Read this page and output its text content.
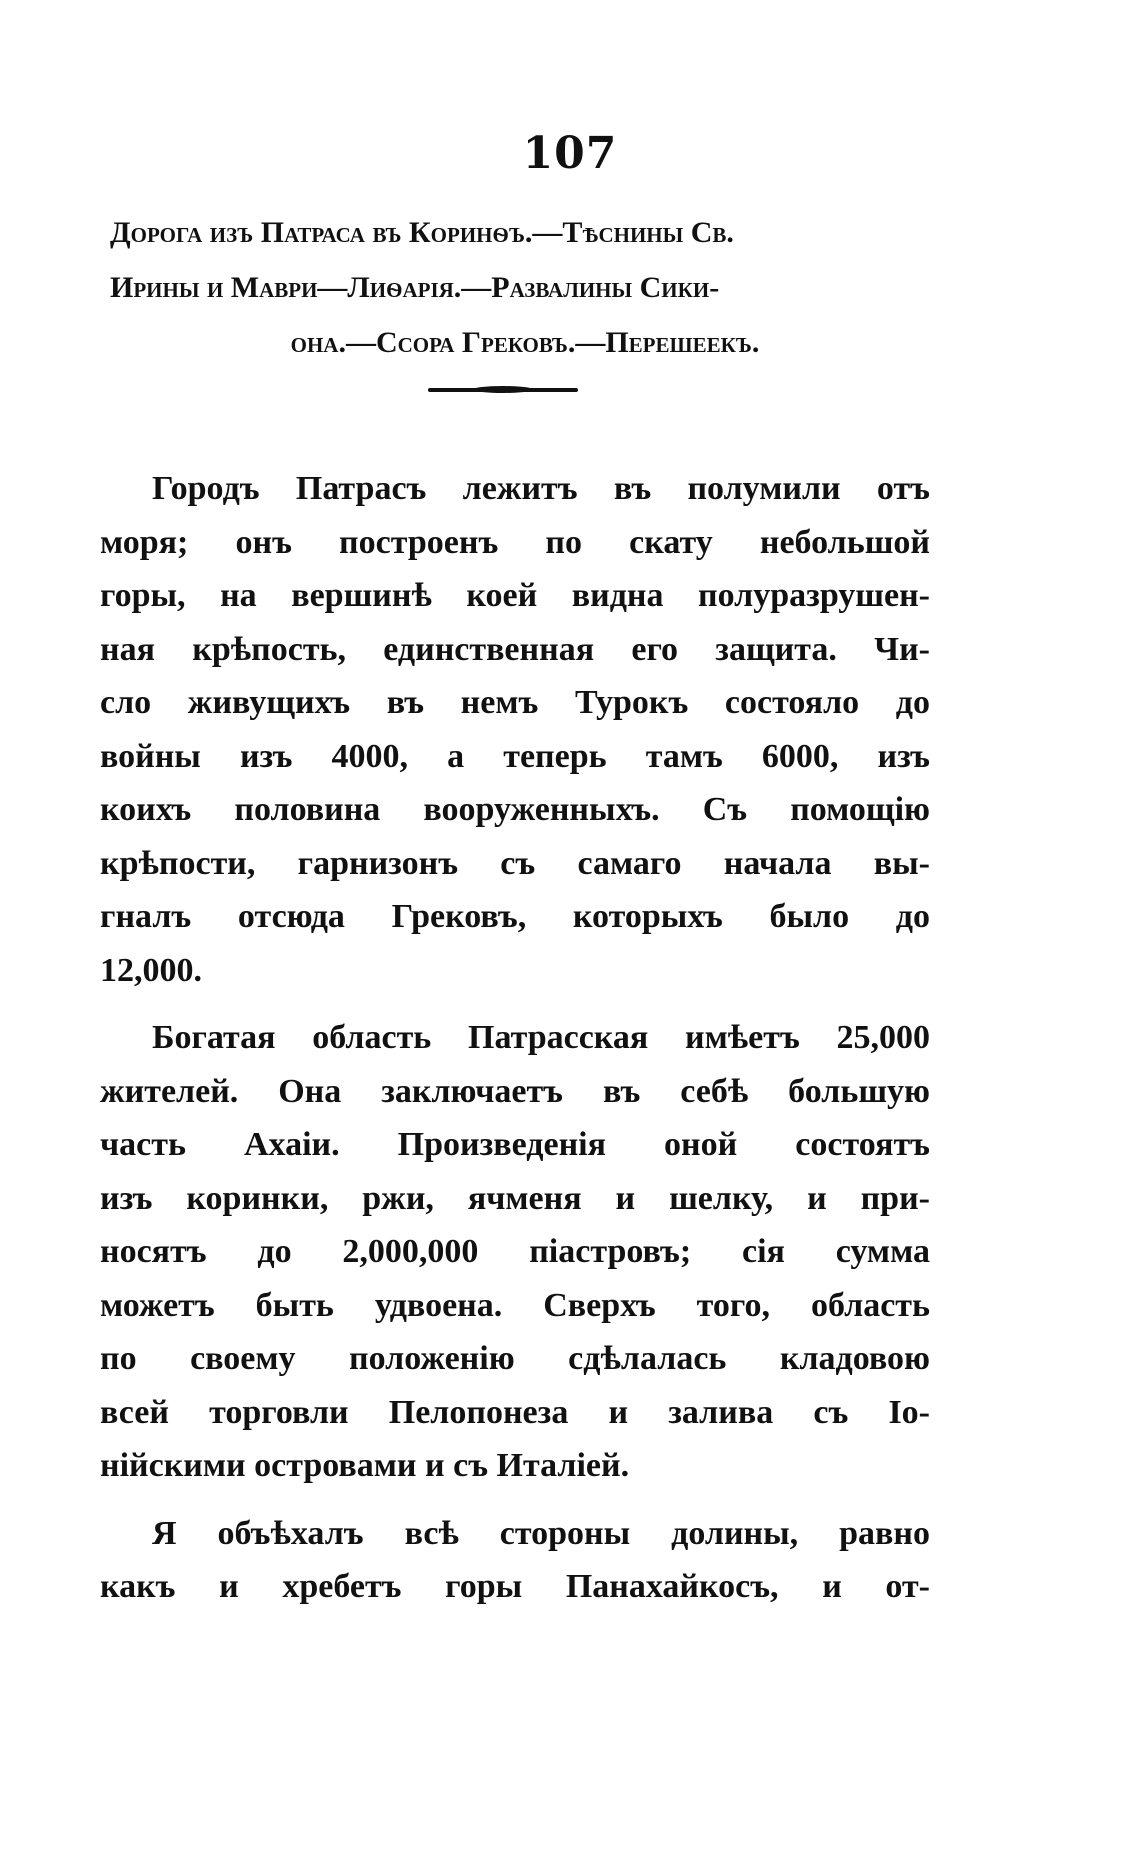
107
Дорога изъ Патраса въ Коринѳъ.—Тѣснины Св.
Ирины и Маври—Лиѳарія.—Развалины Сики-
она.—Ссора Грековъ.—Перешеекъ.

Городъ Патрасъ лежитъ въ полумили отъ
моря; онъ построенъ по скату небольшой
горы, на вершинѣ коей видна полуразрушен-
ная крѣпость, единственная его защита. Чи-
сло живущихъ въ немъ Турокъ состояло до
войны изъ 4000, а теперь тамъ 6000, изъ
коихъ половина вооруженныхъ. Съ помощію
крѣпости, гарнизонъ съ самаго начала вы-
гналъ отсюда Грековъ, которыхъ было до
12,000.

Богатая область Патрасская имѣетъ 25,000
жителей. Она заключаетъ въ себѣ большую
часть Ахаіи. Произведенія оной состоятъ
изъ коринки, ржи, ячменя и шелку, и при-
носятъ до 2,000,000 піастровъ; сія сумма
можетъ быть удвоена. Сверхъ того, область
по своему положенію сдѣлалась кладовою
всей торговли Пелопонеза и залива съ Іо-
нійскими островами и съ Италіей.

Я объѣхалъ всѣ стороны долины, равно
какъ и хребетъ горы Панахайкосъ, и от-
